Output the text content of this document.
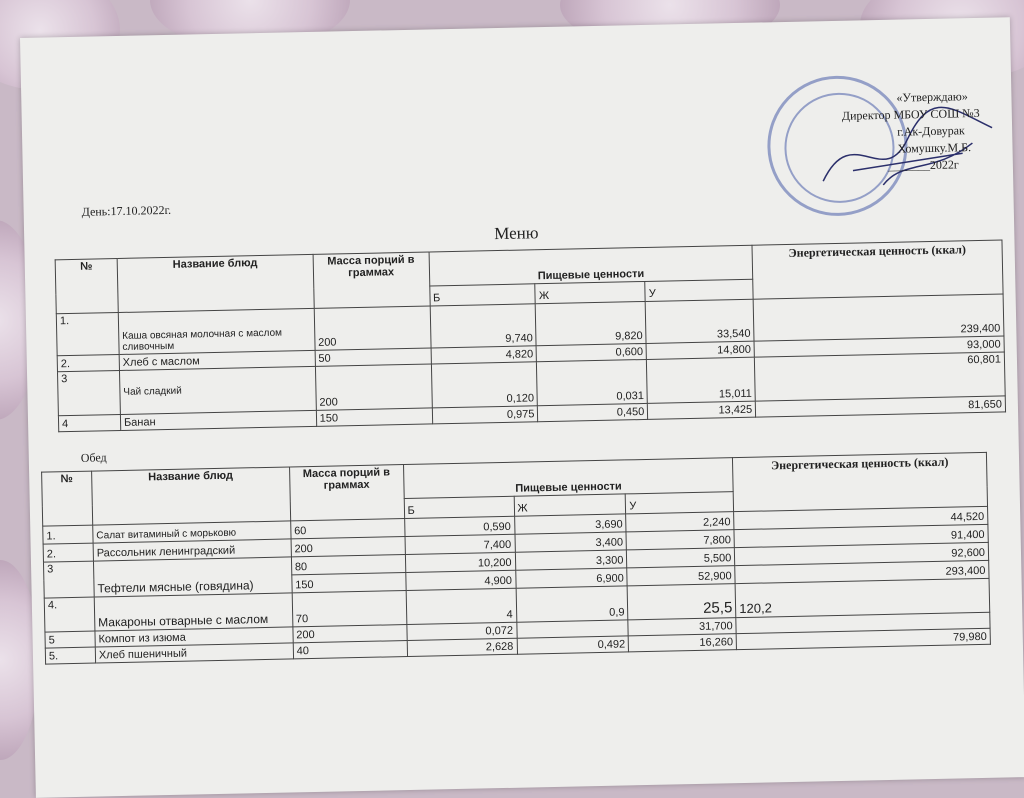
«Утверждаю»
Директор МБОУ СОШ №3
г.Ак-Довурак
Хомушку.М.Б.
_______2022г
День:17.10.2022г.
Меню
№	Название блюд	Масса порций в граммах	Пищевые ценности			Энергетическая ценность (ккал)
			Б	Ж	У	
1.	Каша овсяная молочная с маслом сливочным	200	9,740	9,820	33,540	239,400
2.	Хлеб с маслом	50	4,820	0,600	14,800	93,000
3	Чай сладкий	200	0,120	0,031	15,011	60,801
4	Банан	150	0,975	0,450	13,425	81,650
Обед
№	Название блюд	Масса порций в граммах	Пищевые ценности			Энергетическая ценность (ккал)
			Б	Ж	У	
1.	Салат витаминый с морьковю	60	0,590	3,690	2,240	44,520
2.	Рассольник ленинградский	200	7,400	3,400	7,800	91,400
3	Тефтели мясные (говядина)	80	10,200	3,300	5,500	92,600
		150	4,900	6,900	52,900	293,400
4.	Макароны отварные с маслом	70	4	0,9	25,5	120,2
5	Компот из изюма	200	0,072		31,700	
5.	Хлеб пшеничный	40	2,628	0,492	16,260	79,980
